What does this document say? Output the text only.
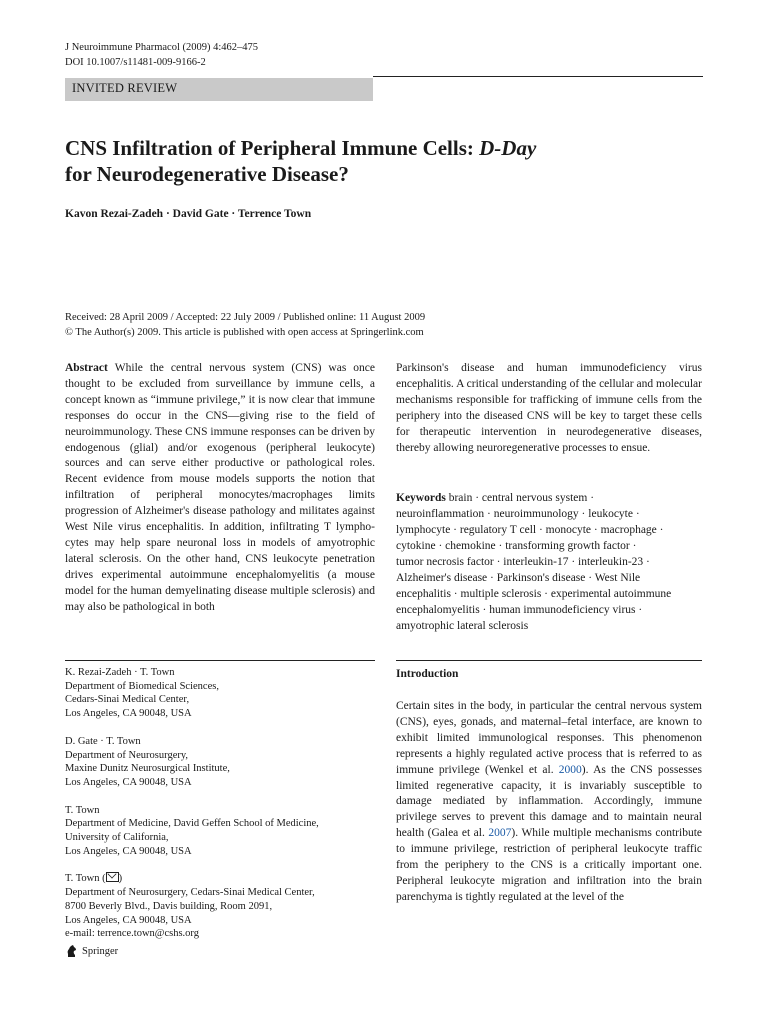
J Neuroimmune Pharmacol (2009) 4:462–475
DOI 10.1007/s11481-009-9166-2
INVITED REVIEW
CNS Infiltration of Peripheral Immune Cells: D-Day
for Neurodegenerative Disease?
Kavon Rezai-Zadeh · David Gate · Terrence Town
Received: 28 April 2009 / Accepted: 22 July 2009 / Published online: 11 August 2009
© The Author(s) 2009. This article is published with open access at Springerlink.com

Abstract While the central nervous system (CNS) was once thought to be excluded from surveillance by immune cells, a concept known as “immune privilege,” it is now clear that immune responses do occur in the CNS—giving rise to the field of neuroimmunology. These CNS immune responses can be driven by endogenous (glial) and/or exogenous (peripheral leukocyte) sources and can serve either productive or pathological roles. Recent evidence from mouse models supports the notion that infiltration of peripheral monocytes/macrophages limits progression of Alzheimer's disease pathology and militates against West Nile virus encephalitis. In addition, infiltrating T lymphocytes may help spare neuronal loss in models of amyotrophic lateral sclerosis. On the other hand, CNS leukocyte penetration drives experimental autoimmune encephalomyelitis (a mouse model for the human demyelinating disease multiple sclerosis) and may also be pathological in both

K. Rezai-Zadeh · T. Town
Department of Biomedical Sciences,
Cedars-Sinai Medical Center,
Los Angeles, CA 90048, USA
D. Gate · T. Town
Department of Neurosurgery,
Maxine Dunitz Neurosurgical Institute,
Los Angeles, CA 90048, USA
T. Town
Department of Medicine, David Geffen School of Medicine,
University of California,
Los Angeles, CA 90048, USA
T. Town ( )
Department of Neurosurgery, Cedars-Sinai Medical Center,
8700 Beverly Blvd., Davis building, Room 2091,
Los Angeles, CA 90048, USA
e-mail: terrence.town@cshs.org

Parkinson's disease and human immunodeficiency virus encephalitis. A critical understanding of the cellular and molecular mechanisms responsible for trafficking of immune cells from the periphery into the diseased CNS will be key to target these cells for therapeutic intervention in neurodegenerative diseases, thereby allowing neuroregenerative processes to ensue.

Keywords brain · central nervous system ·
neuroinflammation · neuroimmunology · leukocyte ·
lymphocyte · regulatory T cell · monocyte · macrophage ·
cytokine · chemokine · transforming growth factor ·
tumor necrosis factor · interleukin-17 · interleukin-23 ·
Alzheimer's disease · Parkinson's disease · West Nile
encephalitis · multiple sclerosis · experimental autoimmune
encephalomyelitis · human immunodeficiency virus ·
amyotrophic lateral sclerosis
Introduction

Certain sites in the body, in particular the central nervous system (CNS), eyes, gonads, and maternal–fetal interface, are known to exhibit limited immunological responses. This phenomenon represents a highly regulated active process that is referred to as immune privilege (Wenkel et al. 2000). As the CNS possesses limited regenerative capacity, it is invariably susceptible to damage mediated by inflammation. Accordingly, immune privilege serves to prevent this damage and to maintain neural health (Galea et al. 2007). While multiple mechanisms contribute to immune privilege, restriction of peripheral leukocyte traffic from the periphery to the CNS is a critically important one. Peripheral leukocyte migration and infiltration into the brain parenchyma is tightly regulated at the level of the

Springer
